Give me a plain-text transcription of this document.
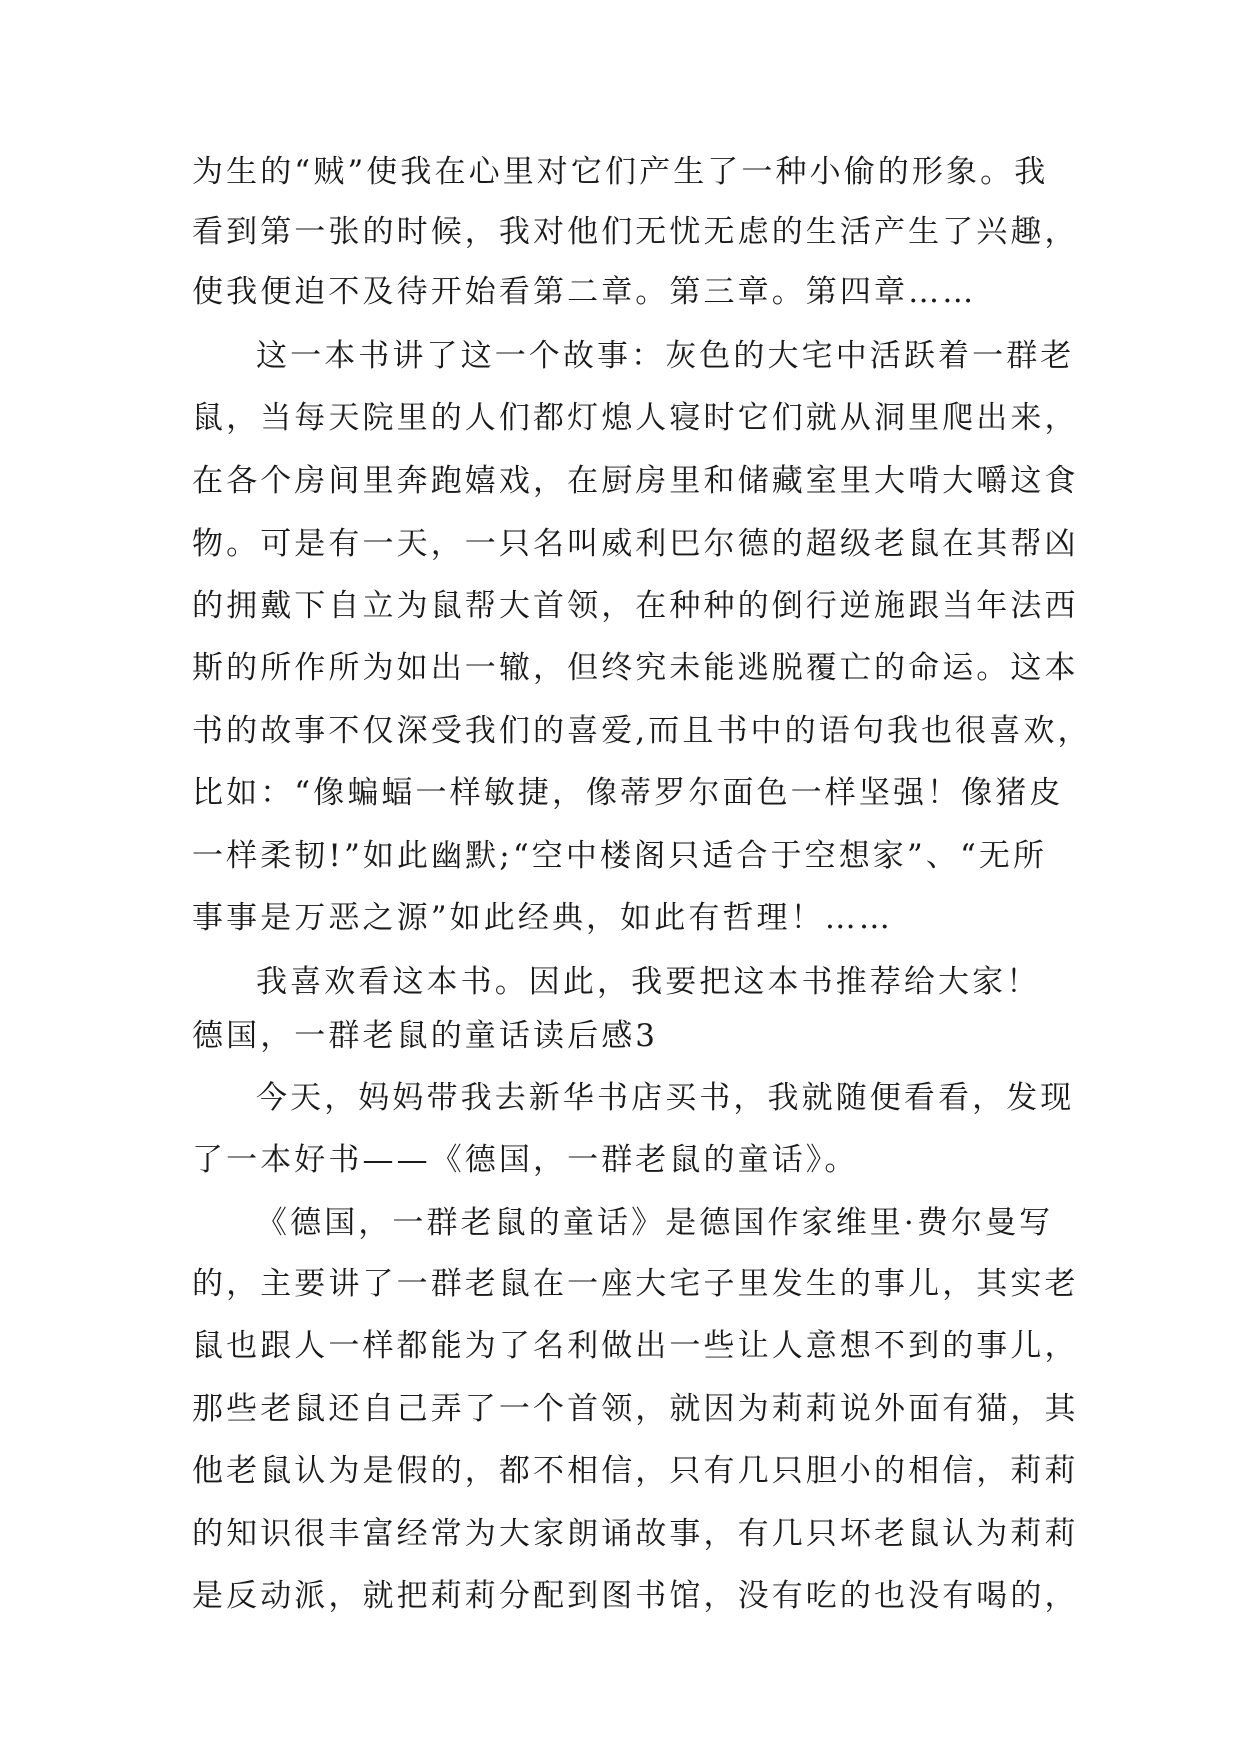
为生的“贼”使我在心里对它们产生了一种小偷的形象。我
看到第一张的时候，我对他们无忧无虑的生活产生了兴趣，
使我便迫不及待开始看第二章。第三章。第四章……
这一本书讲了这一个故事：灰色的大宅中活跃着一群老
鼠，当每天院里的人们都灯熄人寝时它们就从洞里爬出来，
在各个房间里奔跑嬉戏，在厨房里和储藏室里大啃大嚼这食
物。可是有一天，一只名叫威利巴尔德的超级老鼠在其帮凶
的拥戴下自立为鼠帮大首领，在种种的倒行逆施跟当年法西
斯的所作所为如出一辙，但终究未能逃脱覆亡的命运。这本
书的故事不仅深受我们的喜爱,而且书中的语句我也很喜欢，
比如：“像蝙蝠一样敏捷，像蒂罗尔面色一样坚强！像猪皮
一样柔韧!”如此幽默;“空中楼阁只适合于空想家”、“无所
事事是万恶之源”如此经典，如此有哲理！……
我喜欢看这本书。因此，我要把这本书推荐给大家！
德国，一群老鼠的童话读后感3
今天，妈妈带我去新华书店买书，我就随便看看，发现
了一本好书——《德国，一群老鼠的童话》。
《德国，一群老鼠的童话》是德国作家维里·费尔曼写
的，主要讲了一群老鼠在一座大宅子里发生的事儿，其实老
鼠也跟人一样都能为了名利做出一些让人意想不到的事儿，
那些老鼠还自己弄了一个首领，就因为莉莉说外面有猫，其
他老鼠认为是假的，都不相信，只有几只胆小的相信，莉莉
的知识很丰富经常为大家朗诵故事，有几只坏老鼠认为莉莉
是反动派，就把莉莉分配到图书馆，没有吃的也没有喝的，
